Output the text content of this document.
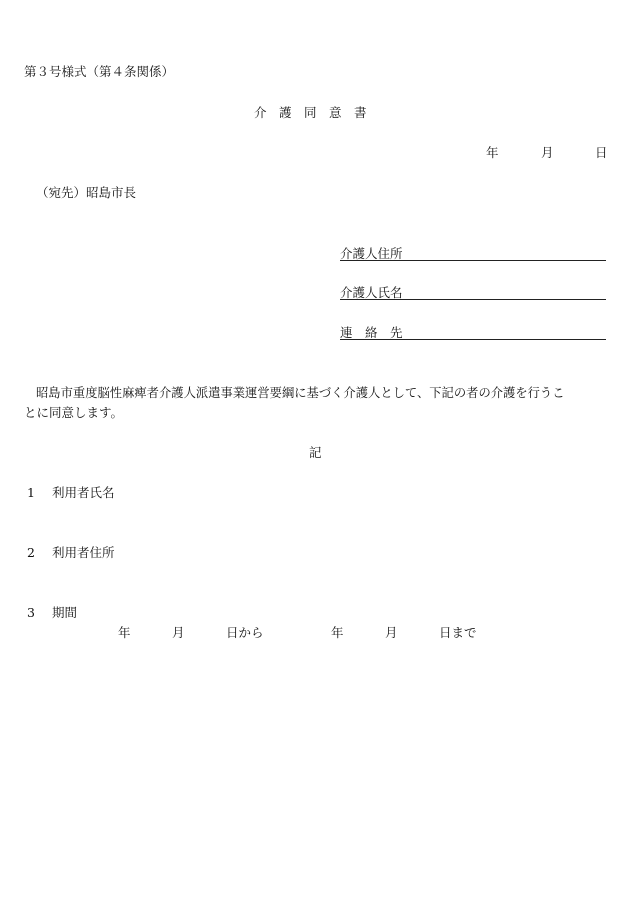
第３号様式（第４条関係）
介　護　同　意　書
年	月	日
（宛先）昭島市長
介護人住所
介護人氏名
連　絡　先
昭島市重度脳性麻痺者介護人派遣事業運営要綱に基づく介護人として、下記の者の介護を行うこ
とに同意します。
記
1 利用者氏名
2 利用者住所
3 期間
年	月	日から	年	月	日まで
